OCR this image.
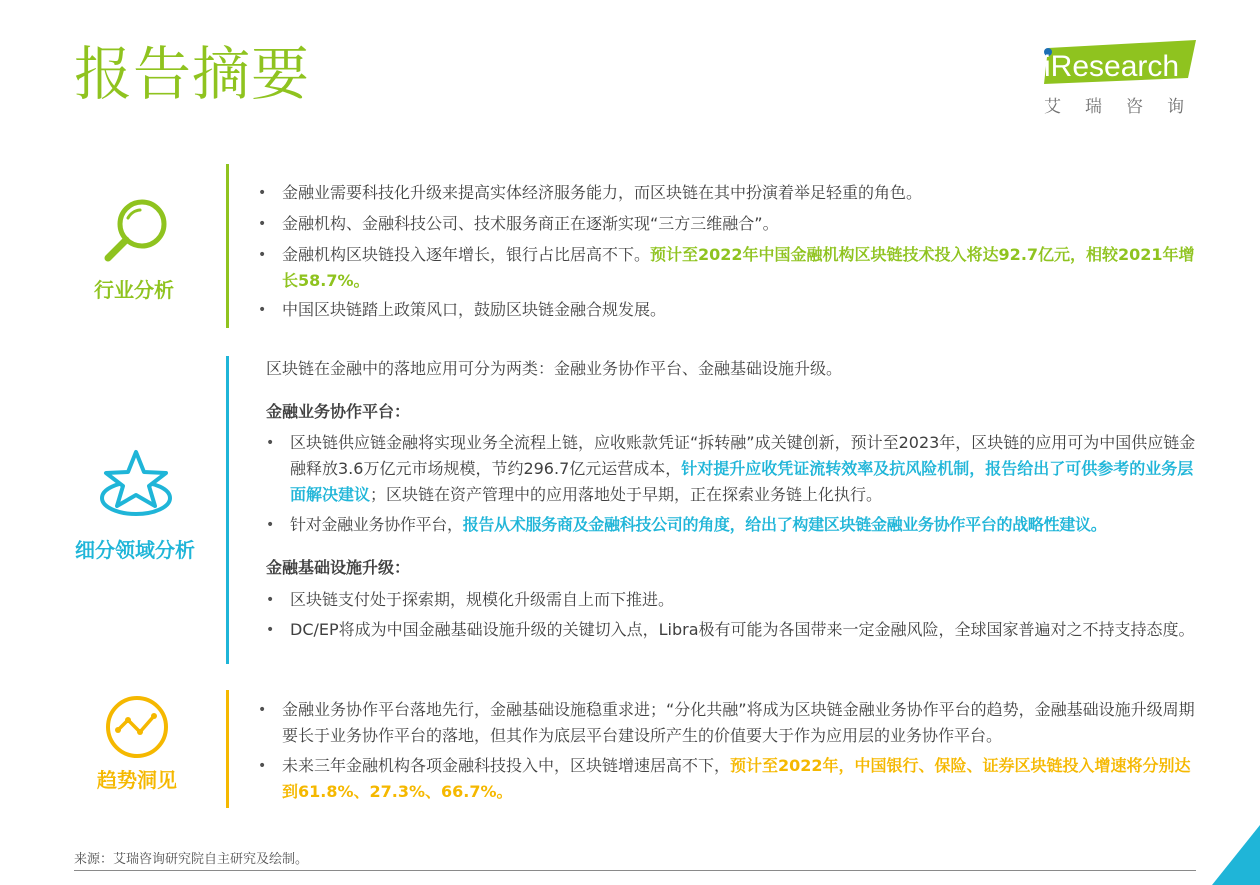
报告摘要	iResearch
艾瑞咨询
行业分析
• 金融业需要科技化升级来提高实体经济服务能力，而区块链在其中扮演着举足轻重的角色。
• 金融机构、金融科技公司、技术服务商正在逐渐实现“三方三维融合”。
• 金融机构区块链投入逐年增长，银行占比居高不下。预计至2022年中国金融机构区块链技术投入将达92.7亿元，相较2021年增长58.7%。
• 中国区块链踏上政策风口，鼓励区块链金融合规发展。
细分领域分析
区块链在金融中的落地应用可分为两类：金融业务协作平台、金融基础设施升级。
金融业务协作平台：
• 区块链供应链金融将实现业务全流程上链，应收账款凭证“拆转融”成关键创新，预计至2023年，区块链的应用可为中国供应链金融释放3.6万亿元市场规模，节约296.7亿元运营成本，针对提升应收凭证流转效率及抗风险机制，报告给出了可供参考的业务层面解决建议；区块链在资产管理中的应用落地处于早期，正在探索业务链上化执行。
• 针对金融业务协作平台，报告从术服务商及金融科技公司的角度，给出了构建区块链金融业务协作平台的战略性建议。
金融基础设施升级：
• 区块链支付处于探索期，规模化升级需自上而下推进。
• DC/EP将成为中国金融基础设施升级的关键切入点，Libra极有可能为各国带来一定金融风险，全球国家普遍对之不持支持态度。
趋势洞见
• 金融业务协作平台落地先行，金融基础设施稳重求进；“分化共融”将成为区块链金融业务协作平台的趋势，金融基础设施升级周期要长于业务协作平台的落地，但其作为底层平台建设所产生的价值要大于作为应用层的业务协作平台。
• 未来三年金融机构各项金融科技投入中，区块链增速居高不下，预计至2022年，中国银行、保险、证券区块链投入增速将分别达到61.8%、27.3%、66.7%。
来源：艾瑞咨询研究院自主研究及绘制。
